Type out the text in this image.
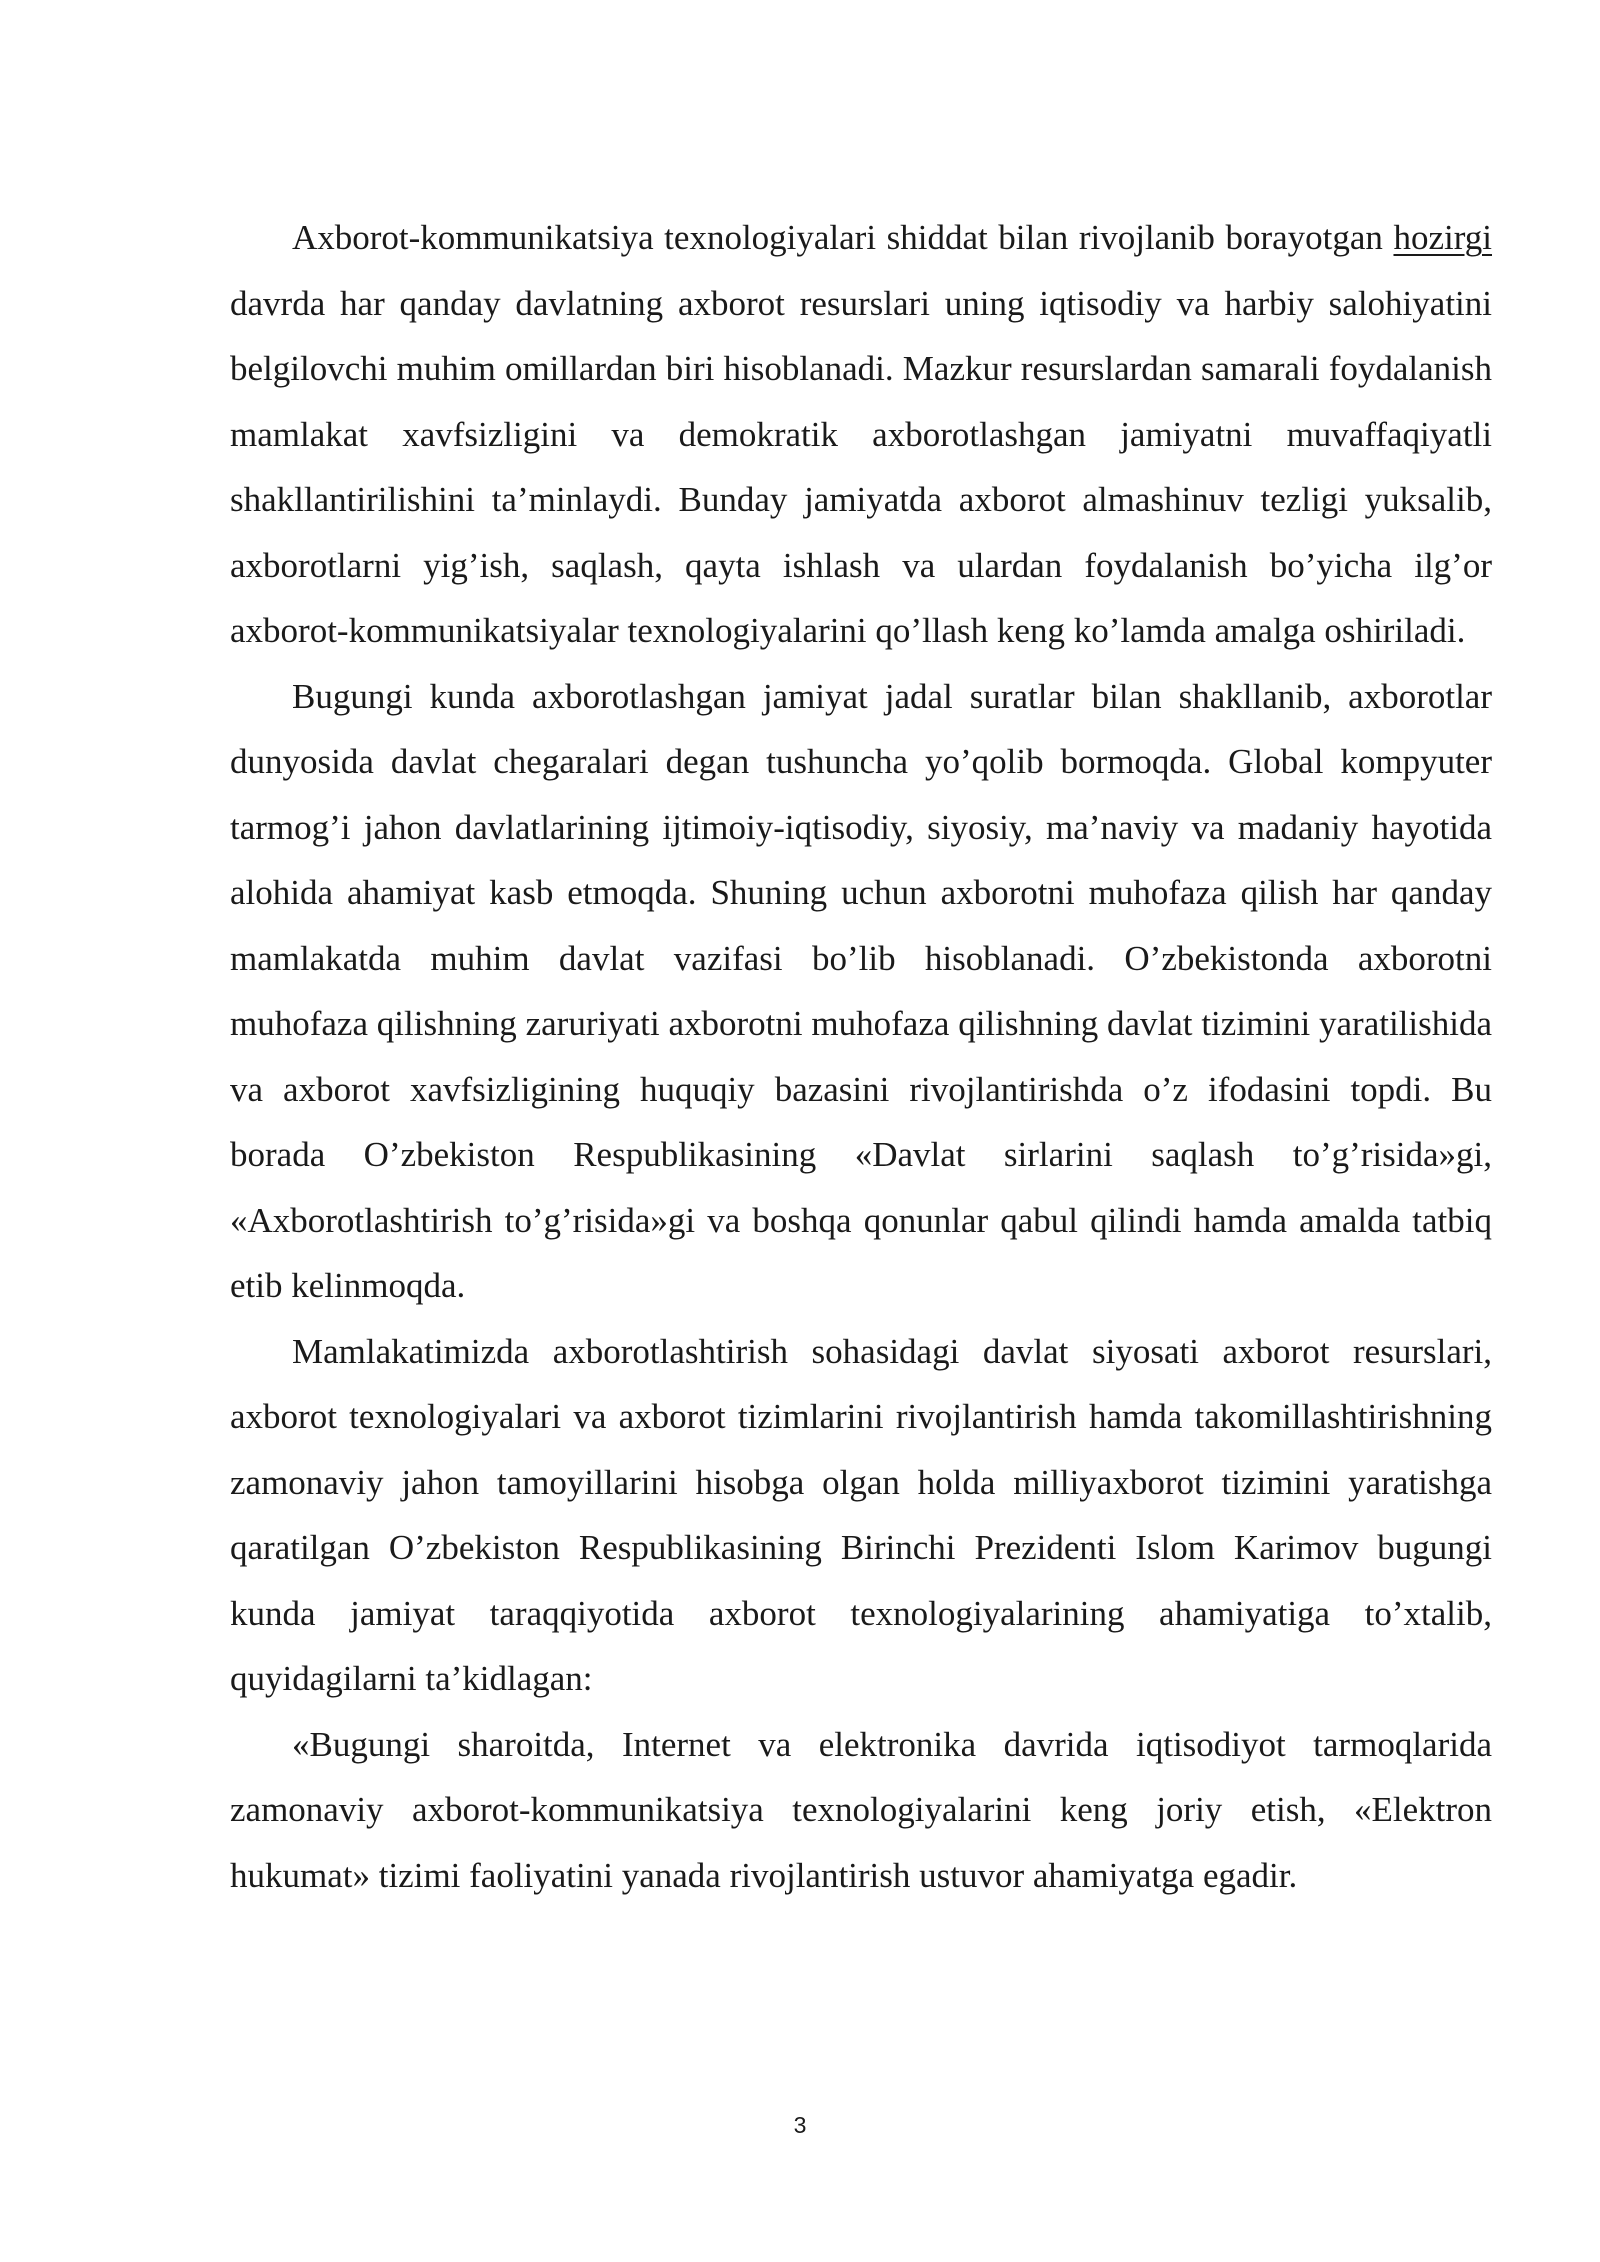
Axborot-kommunikatsiya texnologiyalari shiddat bilan rivojlanib borayotgan hozirgi davrda har qanday davlatning axborot resurslari uning iqtisodiy va harbiy salohiyatini belgilovchi muhim omillardan biri hisoblanadi. Mazkur resurslardan samarali foydalanish mamlakat xavfsizligini va demokratik axborotlashgan jamiyatni muvaffaqiyatli shakllantirilishini ta’minlaydi. Bunday jamiyatda axborot almashinuv tezligi yuksalib, axborotlarni yig’ish, saqlash, qayta ishlash va ulardan foydalanish bo’yicha ilg’or axborot-kommunikatsiyalar texnologiyalarini qo’llash keng ko’lamda amalga oshiriladi.

Bugungi kunda axborotlashgan jamiyat jadal suratlar bilan shakllanib, axborotlar dunyosida davlat chegaralari degan tushuncha yo’qolib bormoqda. Global kompyuter tarmog’i jahon davlatlarining ijtimoiy-iqtisodiy, siyosiy, ma’naviy va madaniy hayotida alohida ahamiyat kasb etmoqda. Shuning uchun axborotni muhofaza qilish har qanday mamlakatda muhim davlat vazifasi bo’lib hisoblanadi. O’zbekistonda axborotni muhofaza qilishning zaruriyati axborotni muhofaza qilishning davlat tizimini yaratilishida va axborot xavfsizligining huquqiy bazasini rivojlantirishda o’z ifodasini topdi. Bu borada O’zbekiston Respublikasining «Davlat sirlarini saqlash to’g’risida»gi, «Axborotlashtirish to’g’risida»gi va boshqa qonunlar qabul qilindi hamda amalda tatbiq etib kelinmoqda.

Mamlakatimizda axborotlashtirish sohasidagi davlat siyosati axborot resurslari, axborot texnologiyalari va axborot tizimlarini rivojlantirish hamda takomillashtirishning zamonaviy jahon tamoyillarini hisobga olgan holda milliyaxborot tizimini yaratishga qaratilgan O’zbekiston Respublikasining Birinchi Prezidenti Islom Karimov bugungi kunda jamiyat taraqqiyotida axborot texnologiyalarining ahamiyatiga to’xtalib, quyidagilarni ta’kidlagan:

«Bugungi sharoitda, Internet va elektronika davrida iqtisodiyot tarmoqlarida zamonaviy axborot-kommunikatsiya texnologiyalarini keng joriy etish, «Elektron hukumat» tizimi faoliyatini yanada rivojlantirish ustuvor ahamiyatga egadir.

3
